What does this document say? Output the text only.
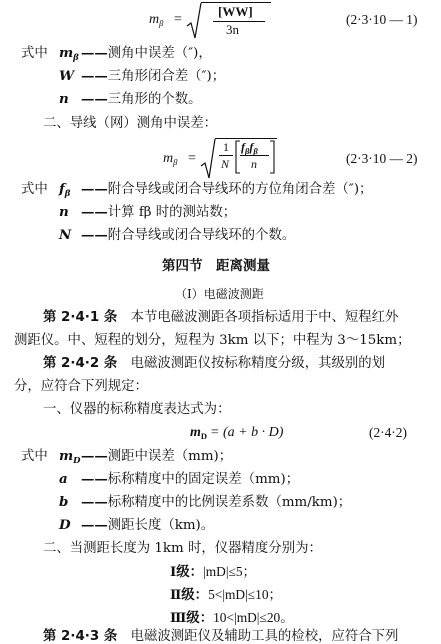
$m_\beta$ =
[WW]
3n
(2·3·10 — 1)
式中 $m_\beta$ ——测角中误差（″)，
W ——三角形闭合差（″)；
n ——三角形的个数。
二、导线（网）测角中误差：
$m_\beta$ =
1
N
$f_\beta f_\beta$
n	(2·3·10 — 2)
式中 $f_\beta$ ——附合导线或闭合导线环的方位角闭合差（″)；
n ——计算 fβ 时的测站数；
N ——附合导线或闭合导线环的个数。
第四节　距离测量
（I）电磁波测距
第 2·4·1 条　本节电磁波测距各项指标适用于中、短程红外
测距仪。中、短程的划分，短程为 3km 以下；中程为 3～15km；
第 2·4·2 条　电磁波测距仪按标称精度分级，其级别的划
分，应符合下列规定：
一、仪器的标称精度表达式为：
$m_D = (a + b \cdot D)$	(2·4·2)
式中 $m_D——$测距中误差（mm)；
a ——标称精度中的固定误差（mm)；
b ——标称精度中的比例误差系数（mm/km)；
D ——测距长度（km)。
二、当测距长度为 1km 时，仪器精度分别为：
Ⅰ级：|mD|≤5；
Ⅱ级：5<|mD|≤10；
Ⅲ级：10<|mD|≤20。
第 2·4·3 条　电磁波测距仪及辅助工具的检校，应符合下列
